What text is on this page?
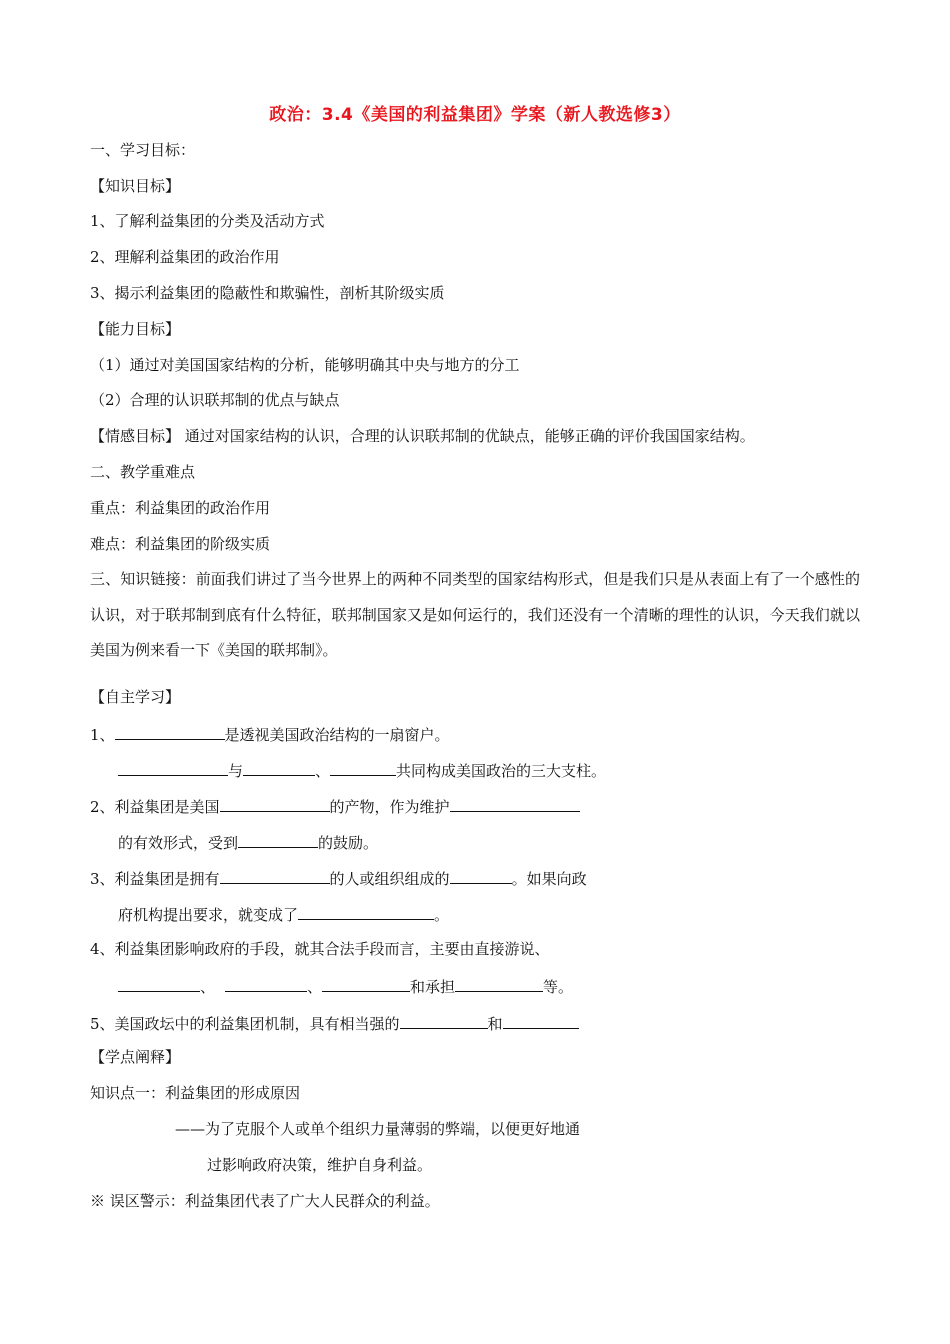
政治：3.4《美国的利益集团》学案（新人教选修3）
一、学习目标：
【知识目标】
1、了解利益集团的分类及活动方式
2、理解利益集团的政治作用
3、揭示利益集团的隐蔽性和欺骗性，剖析其阶级实质
【能力目标】
（1）通过对美国国家结构的分析，能够明确其中央与地方的分工
（2）合理的认识联邦制的优点与缺点
【情感目标】 通过对国家结构的认识，合理的认识联邦制的优缺点，能够正确的评价我国国家结构。
二、教学重难点
重点：利益集团的政治作用
难点：利益集团的阶级实质
三、知识链接：前面我们讲过了当今世界上的两种不同类型的国家结构形式，但是我们只是从表面上有了一个感性的认识，对于联邦制到底有什么特征，联邦制国家又是如何运行的，我们还没有一个清晰的理性的认识，今天我们就以美国为例来看一下《美国的联邦制》。
【自主学习】
1、	是透视美国政治结构的一扇窗户。
与	、	共同构成美国政治的三大支柱。
2、利益集团是美国	的产物，作为维护
的有效形式，受到	的鼓励。
3、利益集团是拥有	的人或组织组成的	。如果向政
府机构提出要求，就变成了	。
4、利益集团影响政府的手段，就其合法手段而言，主要由直接游说、
、	、	和承担	等。
5、美国政坛中的利益集团机制，具有相当强的	和
【学点阐释】
知识点一：利益集团的形成原因
——为了克服个人或单个组织力量薄弱的弊端，以便更好地通
过影响政府决策，维护自身利益。
※ 误区警示：利益集团代表了广大人民群众的利益。
